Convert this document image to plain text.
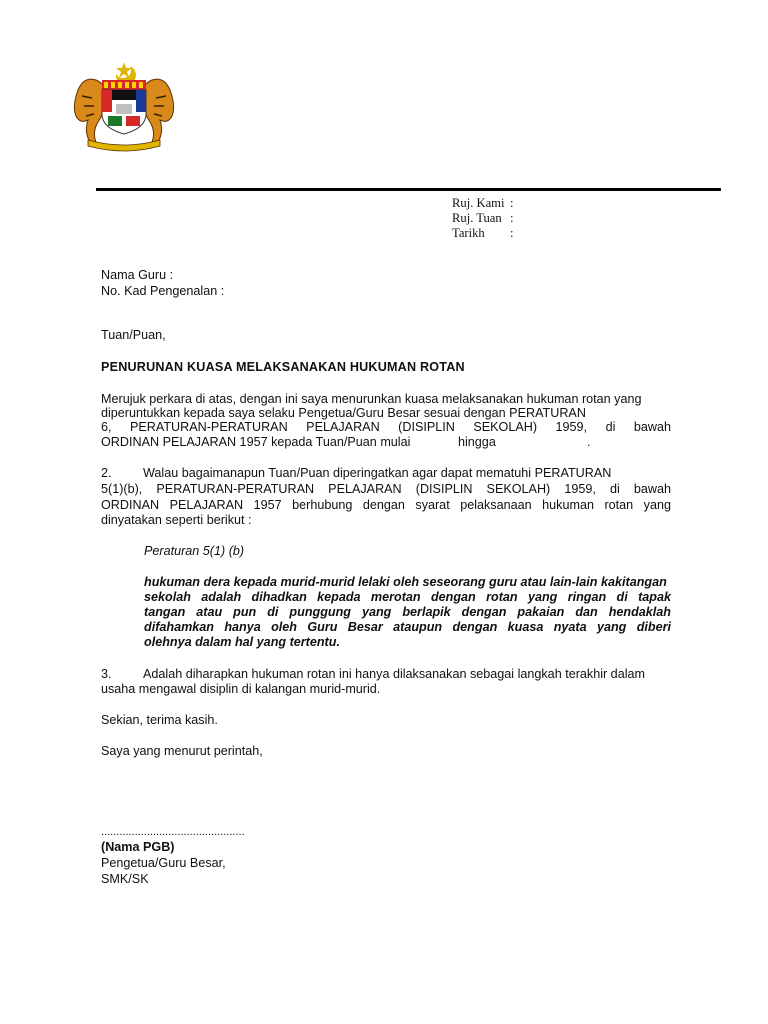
Ruj. Kami :
Ruj. Tuan :
Tarikh :
Nama Guru :
No. Kad Pengenalan :
Tuan/Puan,
PENURUNAN KUASA MELAKSANAKAN HUKUMAN ROTAN
Merujuk perkara di atas, dengan ini saya menurunkan kuasa melaksanakan hukuman rotan yang
diperuntukkan kepada saya selaku Pengetua/Guru Besar sesuai dengan PERATURAN
6, PERATURAN-PERATURAN PELAJARAN (DISIPLIN SEKOLAH) 1959, di bawah
ORDINAN PELAJARAN 1957 kepada Tuan/Puan mulai	hingga	.
2. Walau bagaimanapun Tuan/Puan diperingatkan agar dapat mematuhi PERATURAN
5(1)(b), PERATURAN-PERATURAN PELAJARAN (DISIPLIN SEKOLAH) 1959, di bawah
ORDINAN PELAJARAN 1957 berhubung dengan syarat pelaksanaan hukuman rotan yang
dinyatakan seperti berikut :
Peraturan 5(1) (b)
hukuman dera kepada murid-murid lelaki oleh seseorang guru atau lain-lain kakitangan
sekolah adalah dihadkan kepada merotan dengan rotan yang ringan di tapak
tangan atau pun di punggung yang berlapik dengan pakaian dan hendaklah
difahamkan hanya oleh Guru Besar ataupun dengan kuasa nyata yang diberi
olehnya dalam hal yang tertentu.
3. Adalah diharapkan hukuman rotan ini hanya dilaksanakan sebagai langkah terakhir dalam
usaha mengawal disiplin di kalangan murid-murid.
Sekian, terima kasih.
Saya yang menurut perintah,
...............................................
(Nama PGB)
Pengetua/Guru Besar,
SMK/SK
